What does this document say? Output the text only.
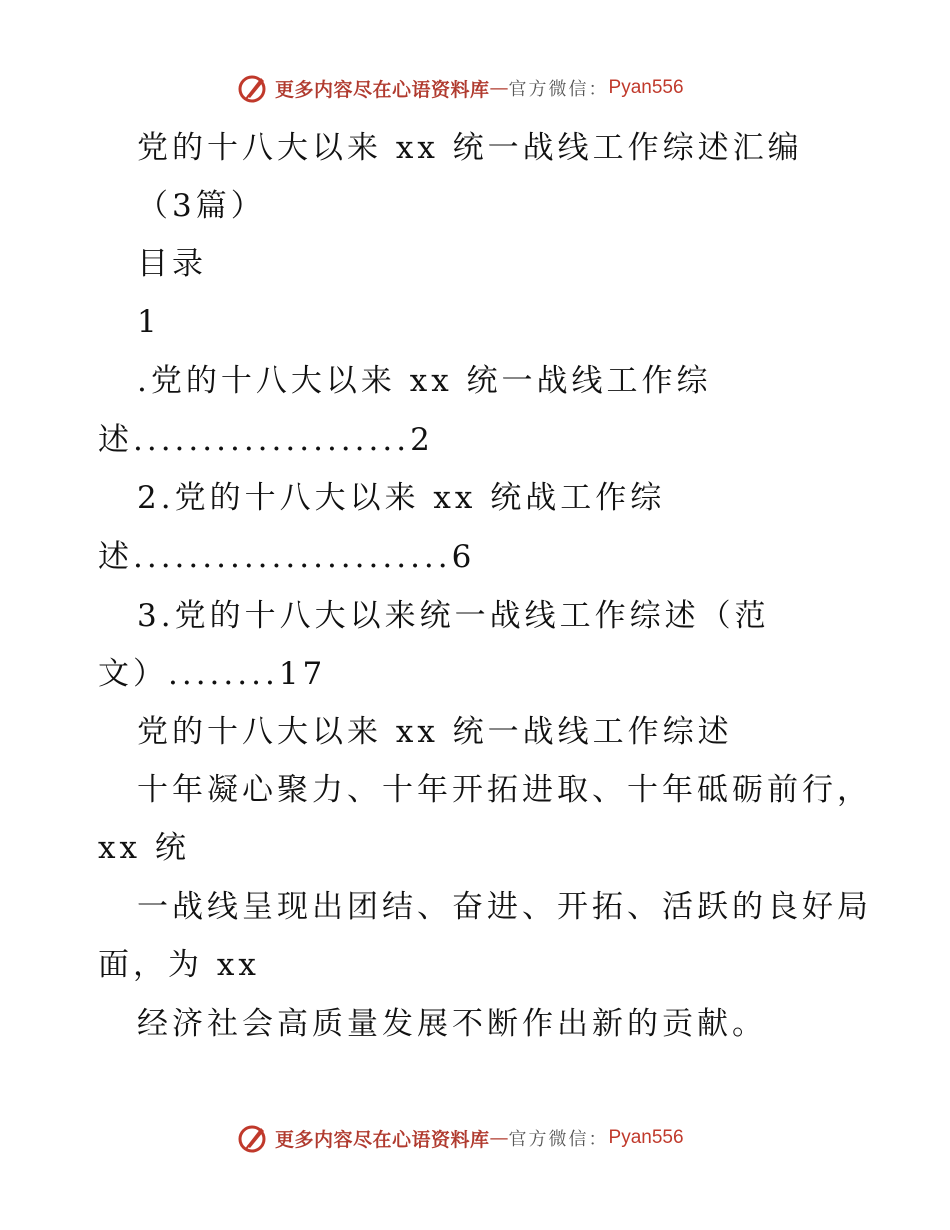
更多内容尽在心语资料库 — 官方微信： Pyan556
党的十八大以来 xx 统一战线工作综述汇编
（3篇）
目录
1
.党的十八大以来 xx 统一战线工作综
述....................2
2.党的十八大以来 xx 统战工作综
述.......................6
3.党的十八大以来统一战线工作综述（范
文）........17
党的十八大以来 xx 统一战线工作综述
十年凝心聚力、十年开拓进取、十年砥砺前行，
xx 统
一战线呈现出团结、奋进、开拓、活跃的良好局
面，为 xx
经济社会高质量发展不断作出新的贡献。
更多内容尽在心语资料库 — 官方微信： Pyan556
